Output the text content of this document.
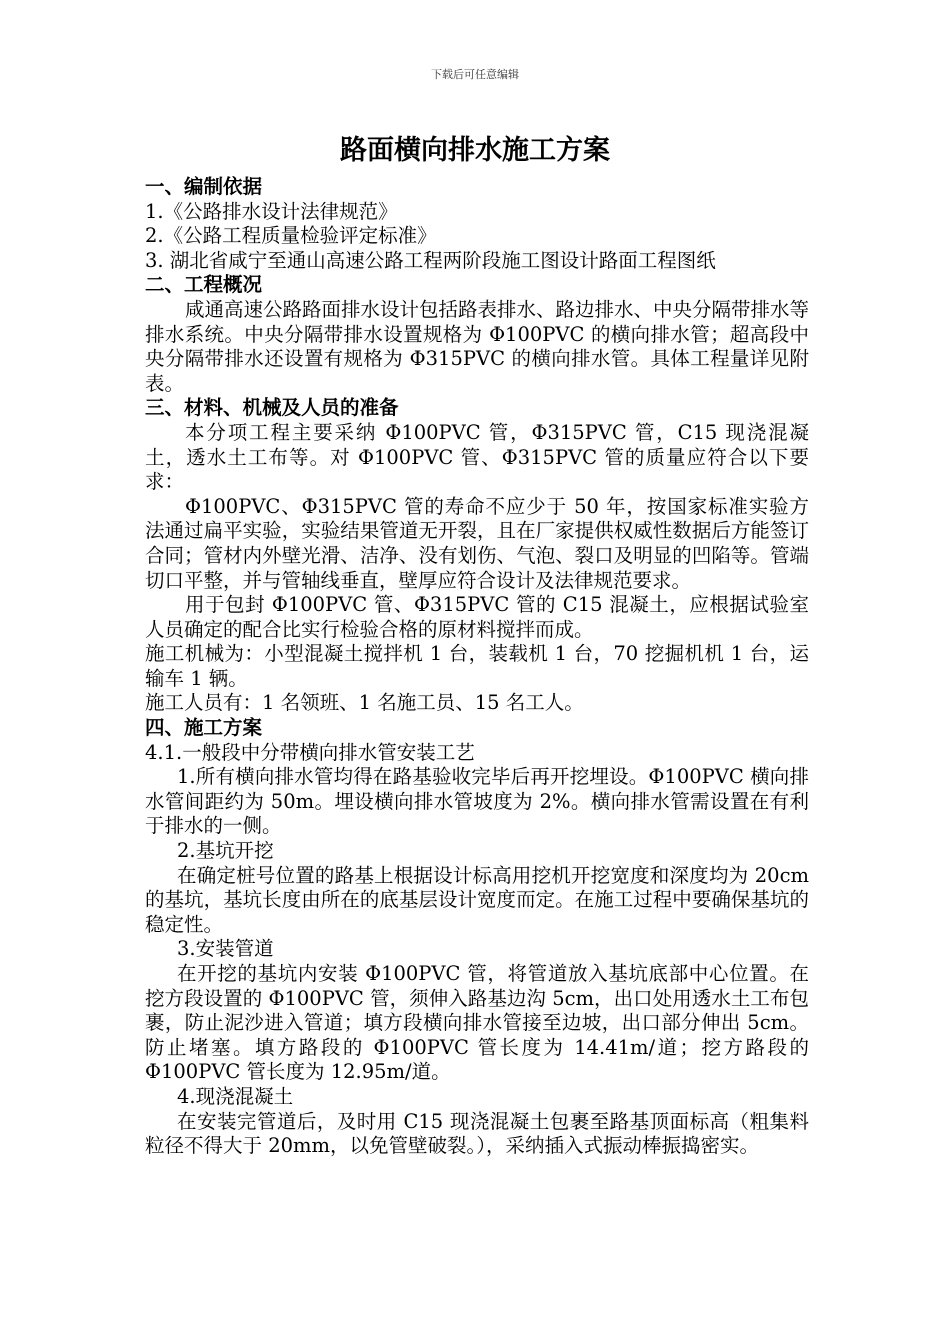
下载后可任意编辑
路面横向排水施工方案

一、编制依据

1.《公路排水设计法律规范》

2.《公路工程质量检验评定标准》

3. 湖北省咸宁至通山高速公路工程两阶段施工图设计路面工程图纸

二、工程概况

咸通高速公路路面排水设计包括路表排水、路边排水、中央分隔带排水等排水系统。中央分隔带排水设置规格为 Φ100PVC 的横向排水管；超高段中央分隔带排水还设置有规格为 Φ315PVC 的横向排水管。具体工程量详见附表。

三、材料、机械及人员的准备

本分项工程主要采纳 Φ100PVC 管，Φ315PVC 管，C15 现浇混凝土，透水土工布等。对 Φ100PVC 管、Φ315PVC 管的质量应符合以下要求：

Φ100PVC、Φ315PVC 管的寿命不应少于 50 年，按国家标准实验方法通过扁平实验，实验结果管道无开裂，且在厂家提供权威性数据后方能签订合同；管材内外壁光滑、洁净、没有划伤、气泡、裂口及明显的凹陷等。管端切口平整，并与管轴线垂直，壁厚应符合设计及法律规范要求。

用于包封 Φ100PVC 管、Φ315PVC 管的 C15 混凝土，应根据试验室人员确定的配合比实行检验合格的原材料搅拌而成。

施工机械为：小型混凝土搅拌机 1 台，装载机 1 台，70 挖掘机机 1 台，运输车 1 辆。

施工人员有：1 名领班、1 名施工员、15 名工人。

四、施工方案

4.1.一般段中分带横向排水管安装工艺

1.所有横向排水管均得在路基验收完毕后再开挖埋设。Φ100PVC 横向排水管间距约为 50m。埋设横向排水管坡度为 2%。横向排水管需设置在有利于排水的一侧。

2.基坑开挖

在确定桩号位置的路基上根据设计标高用挖机开挖宽度和深度均为 20cm 的基坑，基坑长度由所在的底基层设计宽度而定。在施工过程中要确保基坑的稳定性。

3.安装管道

在开挖的基坑内安装 Φ100PVC 管，将管道放入基坑底部中心位置。在挖方段设置的 Φ100PVC 管，须伸入路基边沟 5cm，出口处用透水土工布包裹，防止泥沙进入管道；填方段横向排水管接至边坡，出口部分伸出 5cm。防止堵塞。填方路段的 Φ100PVC 管长度为 14.41m/道；挖方路段的 Φ100PVC 管长度为 12.95m/道。

4.现浇混凝土

在安装完管道后，及时用 C15 现浇混凝土包裹至路基顶面标高（粗集料粒径不得大于 20mm，以免管壁破裂。），采纳插入式振动棒振捣密实。
